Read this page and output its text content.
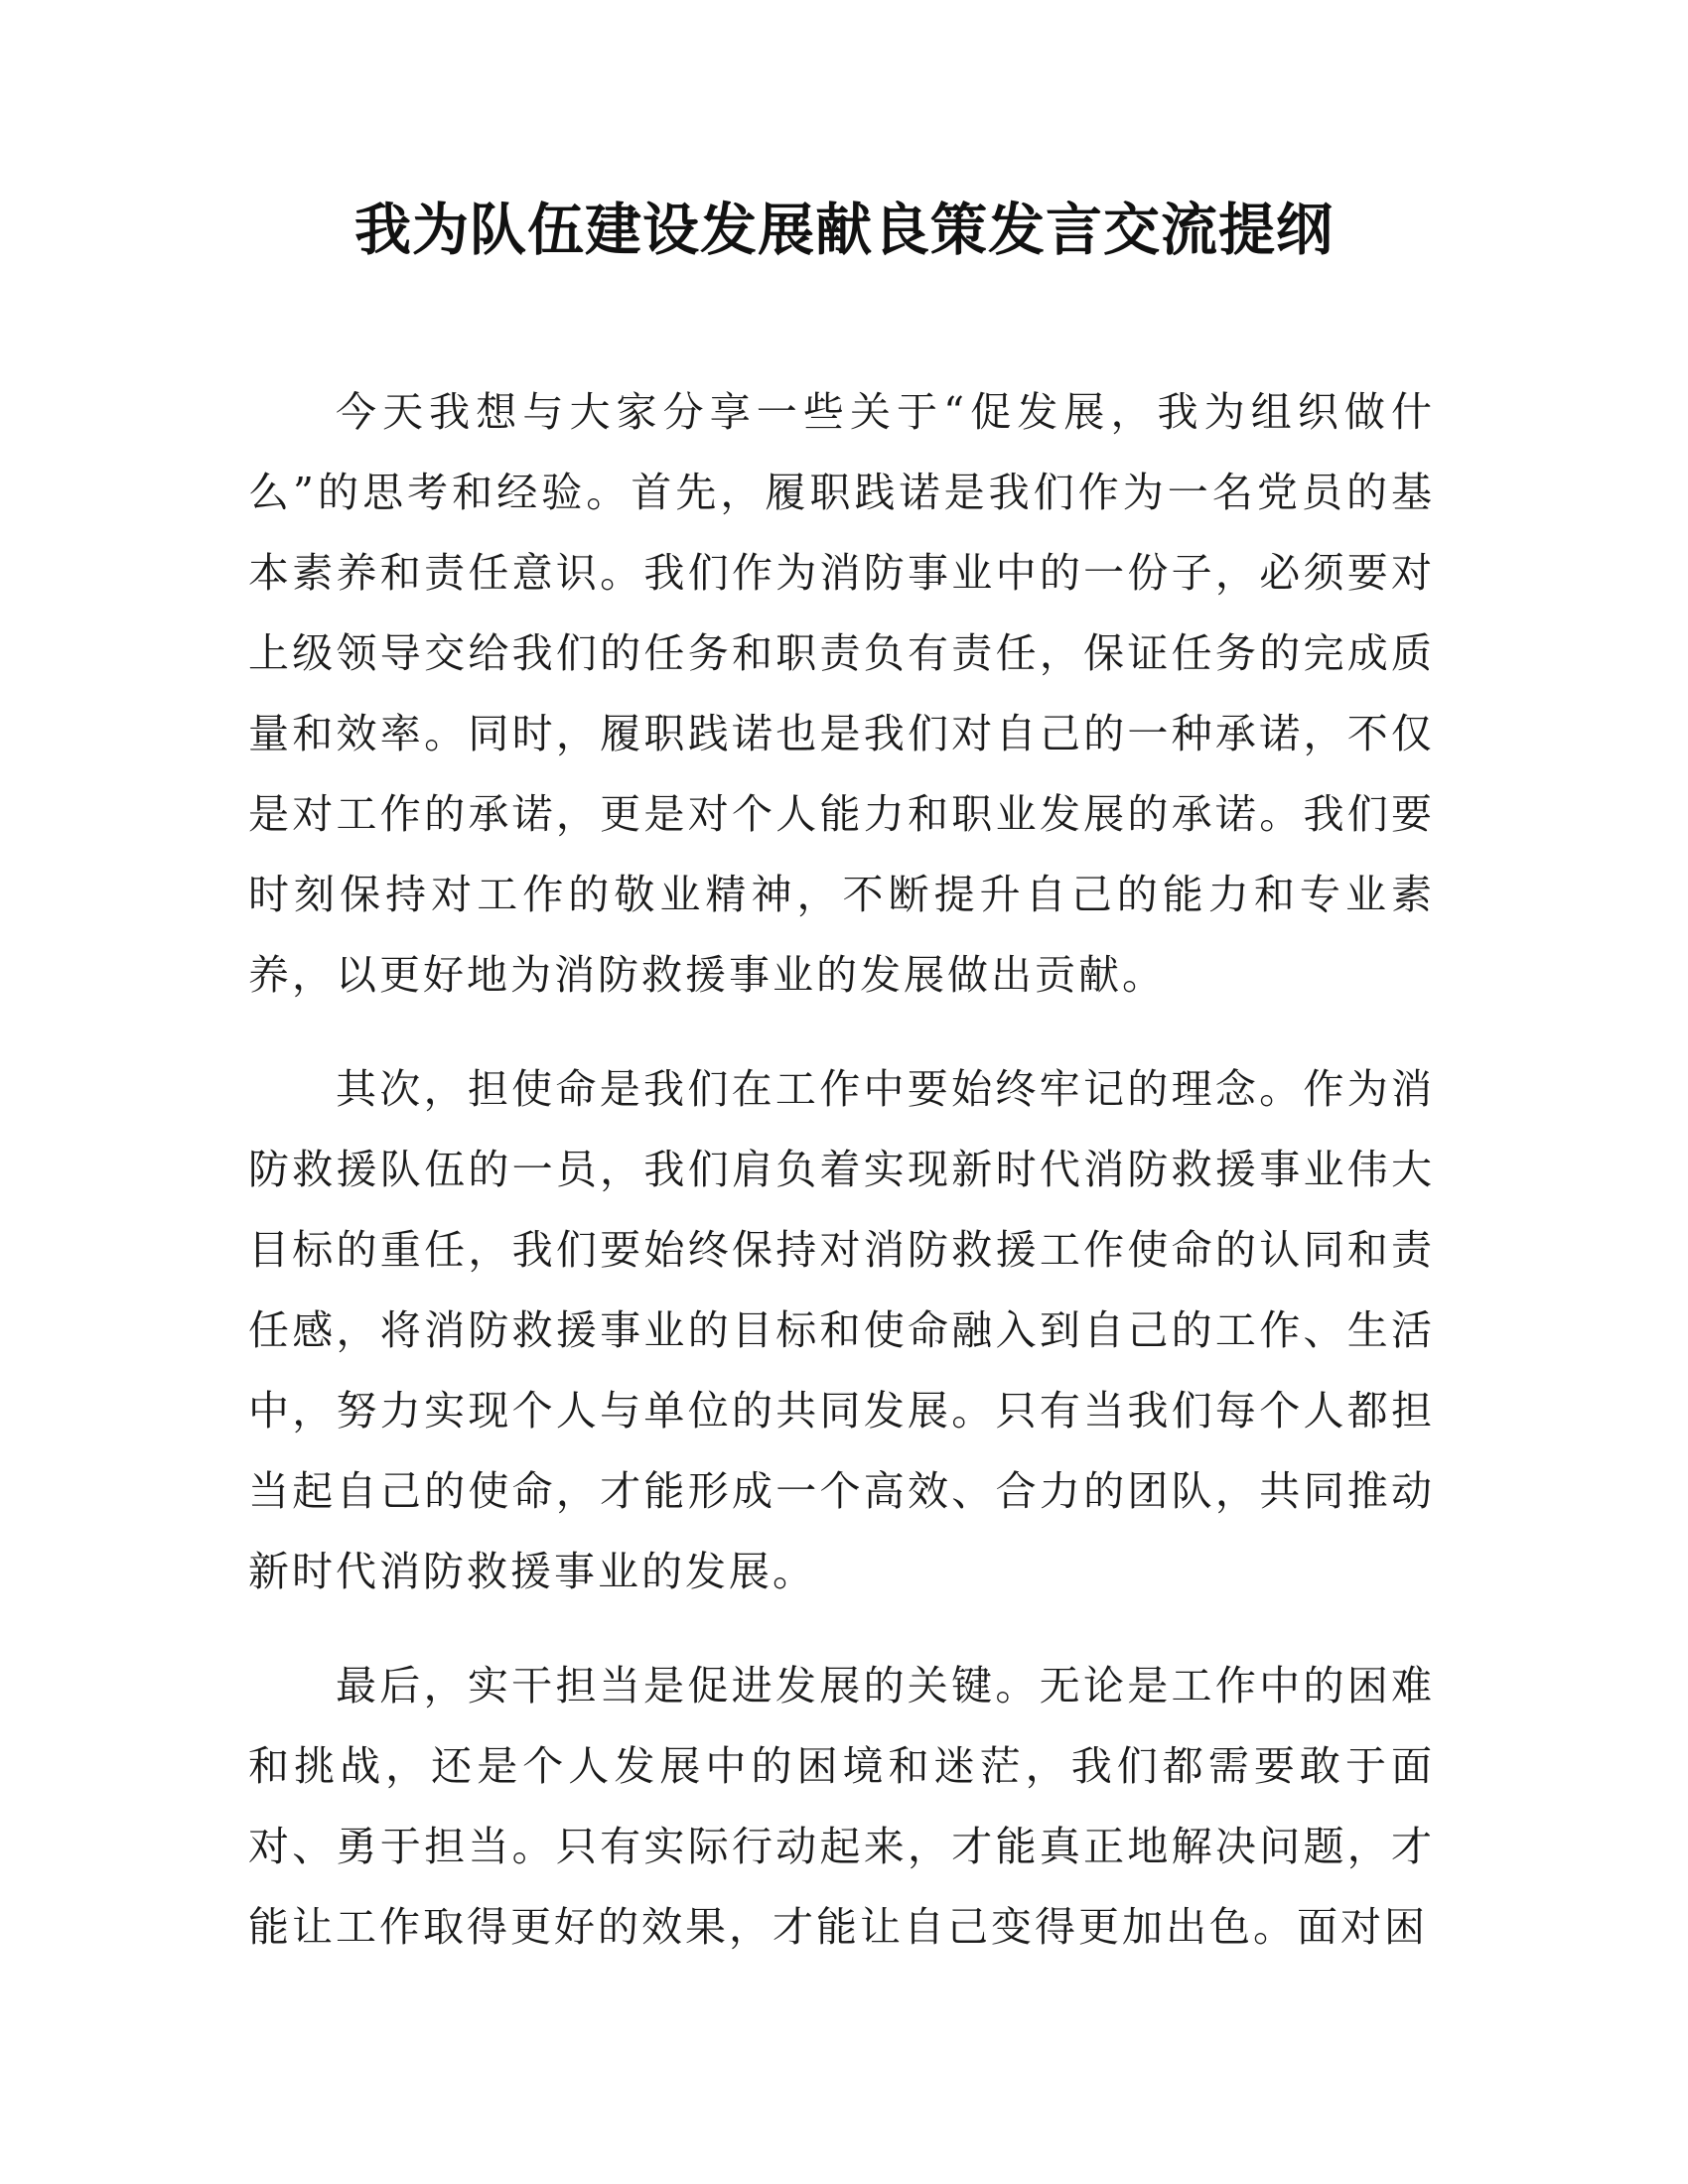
我为队伍建设发展献良策发言交流提纲

今天我想与大家分享一些关于“促发展，我为组织做什么”的思考和经验。首先，履职践诺是我们作为一名党员的基本素养和责任意识。我们作为消防事业中的一份子，必须要对上级领导交给我们的任务和职责负有责任，保证任务的完成质量和效率。同时，履职践诺也是我们对自己的一种承诺，不仅是对工作的承诺，更是对个人能力和职业发展的承诺。我们要时刻保持对工作的敬业精神，不断提升自己的能力和专业素养，以更好地为消防救援事业的发展做出贡献。

其次，担使命是我们在工作中要始终牢记的理念。作为消防救援队伍的一员，我们肩负着实现新时代消防救援事业伟大目标的重任，我们要始终保持对消防救援工作使命的认同和责任感，将消防救援事业的目标和使命融入到自己的工作、生活中，努力实现个人与单位的共同发展。只有当我们每个人都担当起自己的使命，才能形成一个高效、合力的团队，共同推动新时代消防救援事业的发展。

最后，实干担当是促进发展的关键。无论是工作中的困难和挑战，还是个人发展中的困境和迷茫，我们都需要敢于面对、勇于担当。只有实际行动起来，才能真正地解决问题，才能让工作取得更好的效果，才能让自己变得更加出色。面对困
